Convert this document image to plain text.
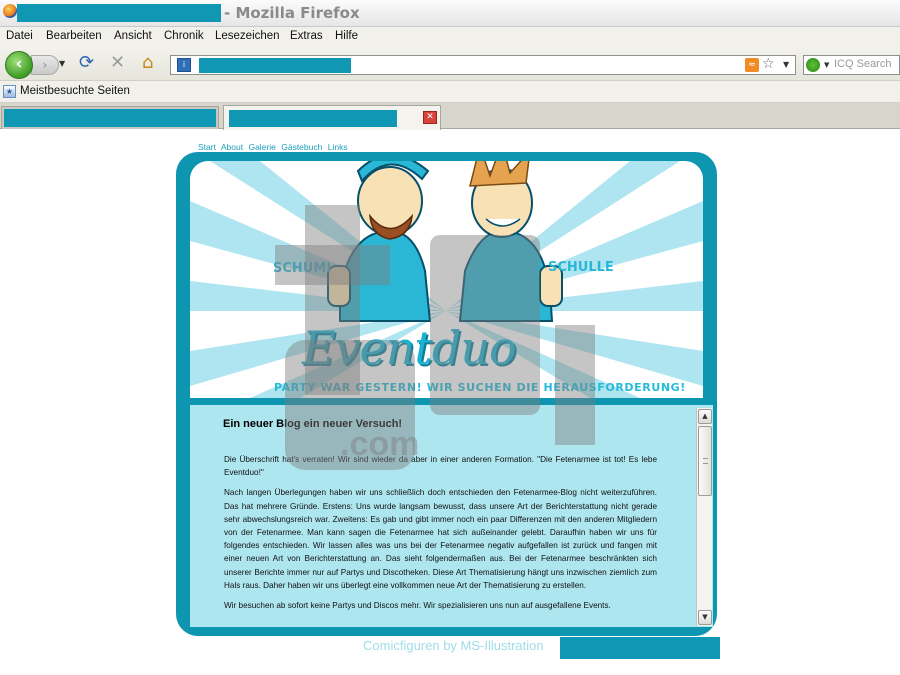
- Mozilla Firefox
Datei Bearbeiten Ansicht Chronik Lesezeichen Extras Hilfe
›
‹	▼ ⟳ ✕ ⌂	i	≈ ☆ ▼	▼ ICQ Search
★ Meistbesuchte Seiten
✕
Start About Galerie Gästebuch Links
SCHUMI	SCHULLE
Eventduo
PARTY WAR GESTERN! WIR SUCHEN DIE HERAUSFORDERUNG!
Ein neuer Blog ein neuer Versuch!

Die Überschrift hat's verraten! Wir sind wieder da aber in einer anderen Formation. "Die Fetenarmee ist tot! Es lebe Eventduo!"

Nach langen Überlegungen haben wir uns schließlich doch entschieden den Fetenarmee-Blog nicht weiterzuführen. Das hat mehrere Gründe. Erstens: Uns wurde langsam bewusst, dass unsere Art der Berichterstattung nicht gerade sehr abwechslungsreich war. Zweitens: Es gab und gibt immer noch ein paar Differenzen mit den anderen Mitgliedern von der Fetenarmee. Man kann sagen die Fetenarmee hat sich außeinander gelebt. Daraufhin haben wir uns für folgendes entschieden. Wir lassen alles was uns bei der Fetenarmee negativ aufgefallen ist zurück und fangen mit einer neuen Art von Berichterstattung an. Das sieht folgendermaßen aus. Bei der Fetenarmee beschränkten sich unserer Berichte immer nur auf Partys und Discotheken. Diese Art Thematisierung hängt uns inzwischen ziemlich zum Hals raus. Daher haben wir uns überlegt eine vollkommen neue Art der Thematisierung zu erstellen.

Wir besuchen ab sofort keine Partys und Discos mehr. Wir spezialisieren uns nun auf ausgefallene Events.

▲
▼
.com
Comicfiguren by MS-Illustration
